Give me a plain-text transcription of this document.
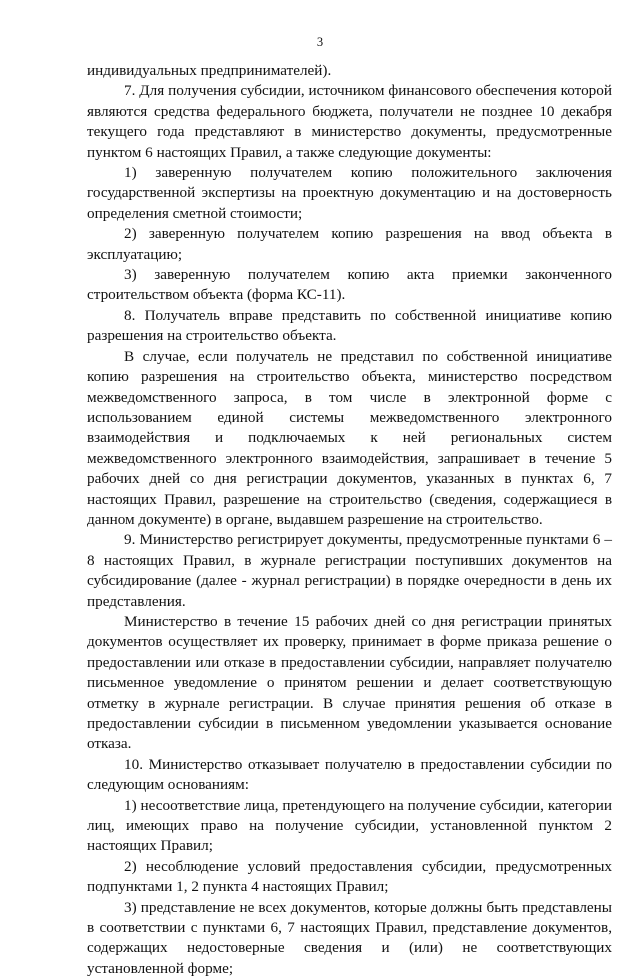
3

индивидуальных предпринимателей).

7. Для получения субсидии, источником финансового обеспечения которой являются средства федерального бюджета, получатели не позднее 10 декабря текущего года представляют в министерство документы, предусмотренные пунктом 6 настоящих Правил, а также следующие документы:

1) заверенную получателем копию положительного заключения государственной экспертизы на проектную документацию и на достоверность определения сметной стоимости;

2) заверенную получателем копию разрешения на ввод объекта в эксплуатацию;

3) заверенную получателем копию акта приемки законченного строительством объекта (форма КС-11).

8. Получатель вправе представить по собственной инициативе копию разрешения на строительство объекта.

В случае, если получатель не представил по собственной инициативе копию разрешения на строительство объекта, министерство посредством межведомственного запроса, в том числе в электронной форме с использованием единой системы межведомственного электронного взаимодействия и подключаемых к ней региональных систем межведомственного электронного взаимодействия, запрашивает в течение 5 рабочих дней со дня регистрации документов, указанных в пунктах 6, 7 настоящих Правил, разрешение на строительство (сведения, содержащиеся в данном документе) в органе, выдавшем разрешение на строительство.

9. Министерство регистрирует документы, предусмотренные пунктами 6 – 8 настоящих Правил, в журнале регистрации поступивших документов на субсидирование (далее - журнал регистрации) в порядке очередности в день их представления.

Министерство в течение 15 рабочих дней со дня регистрации принятых документов осуществляет их проверку, принимает в форме приказа решение о предоставлении или отказе в предоставлении субсидии, направляет получателю письменное уведомление о принятом решении и делает соответствующую отметку в журнале регистрации. В случае принятия решения об отказе в предоставлении субсидии в письменном уведомлении указывается основание отказа.

10. Министерство отказывает получателю в предоставлении субсидии по следующим основаниям:

1) несоответствие лица, претендующего на получение субсидии, категории лиц, имеющих право на получение субсидии, установленной пунктом 2 настоящих Правил;

2) несоблюдение условий предоставления субсидии, предусмотренных подпунктами 1, 2 пункта 4 настоящих Правил;

3) представление не всех документов, которые должны быть представлены в соответствии с пунктами 6, 7 настоящих Правил, представление документов, содержащих недостоверные сведения и (или) не соответствующих установленной форме;
